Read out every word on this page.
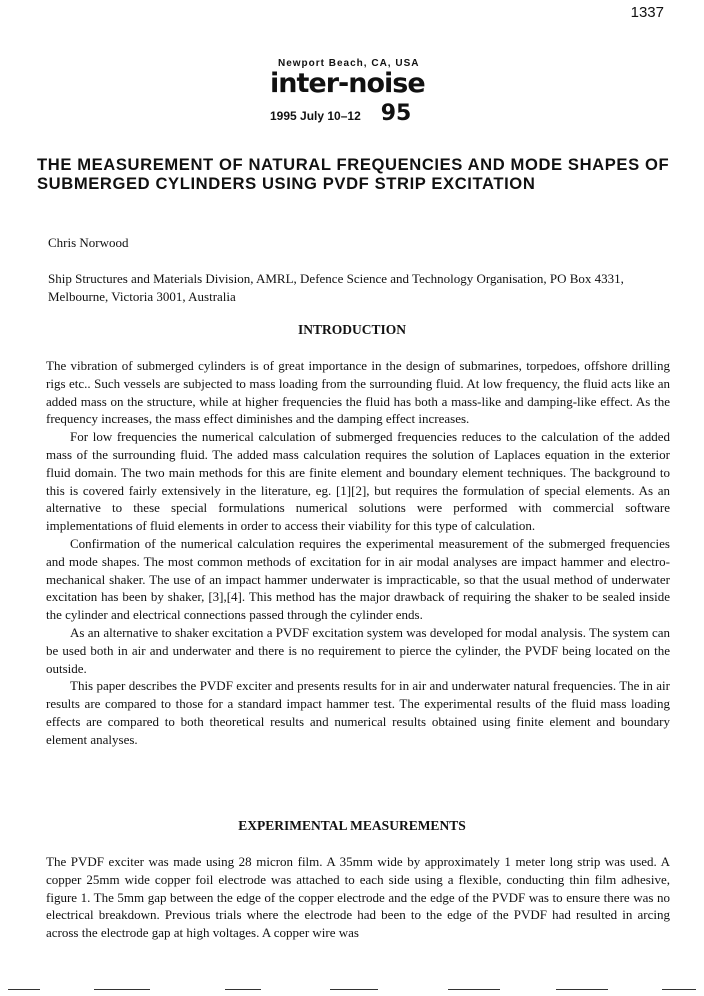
1337
Newport Beach, CA, USA
inter-noise
1995 July 10–12 95
THE MEASUREMENT OF NATURAL FREQUENCIES AND MODE SHAPES OF SUBMERGED CYLINDERS USING PVDF STRIP EXCITATION
Chris Norwood
Ship Structures and Materials Division, AMRL, Defence Science and Technology Organisation, PO Box 4331, Melbourne, Victoria 3001, Australia
INTRODUCTION

The vibration of submerged cylinders is of great importance in the design of submarines, torpedoes, offshore drilling rigs etc.. Such vessels are subjected to mass loading from the surrounding fluid. At low frequency, the fluid acts like an added mass on the structure, while at higher frequencies the fluid has both a mass-like and damping-like effect. As the frequency increases, the mass effect diminishes and the damping effect increases.

For low frequencies the numerical calculation of submerged frequencies reduces to the calculation of the added mass of the surrounding fluid. The added mass calculation requires the solution of Laplaces equation in the exterior fluid domain. The two main methods for this are finite element and boundary element techniques. The background to this is covered fairly extensively in the literature, eg. [1][2], but requires the formulation of special elements. As an alternative to these special formulations numerical solutions were performed with commercial software implementations of fluid elements in order to access their viability for this type of calculation.

Confirmation of the numerical calculation requires the experimental measurement of the submerged frequencies and mode shapes. The most common methods of excitation for in air modal analyses are impact hammer and electro-mechanical shaker. The use of an impact hammer underwater is impracticable, so that the usual method of underwater excitation has been by shaker, [3],[4]. This method has the major drawback of requiring the shaker to be sealed inside the cylinder and electrical connections passed through the cylinder ends.

As an alternative to shaker excitation a PVDF excitation system was developed for modal analysis. The system can be used both in air and underwater and there is no requirement to pierce the cylinder, the PVDF being located on the outside.

This paper describes the PVDF exciter and presents results for in air and underwater natural frequencies. The in air results are compared to those for a standard impact hammer test. The experimental results of the fluid mass loading effects are compared to both theoretical results and numerical results obtained using finite element and boundary element analyses.

EXPERIMENTAL MEASUREMENTS

The PVDF exciter was made using 28 micron film. A 35mm wide by approximately 1 meter long strip was used. A copper 25mm wide copper foil electrode was attached to each side using a flexible, conducting thin film adhesive, figure 1. The 5mm gap between the edge of the copper electrode and the edge of the PVDF was to ensure there was no electrical breakdown. Previous trials where the electrode had been to the edge of the PVDF had resulted in arcing across the electrode gap at high voltages. A copper wire was
